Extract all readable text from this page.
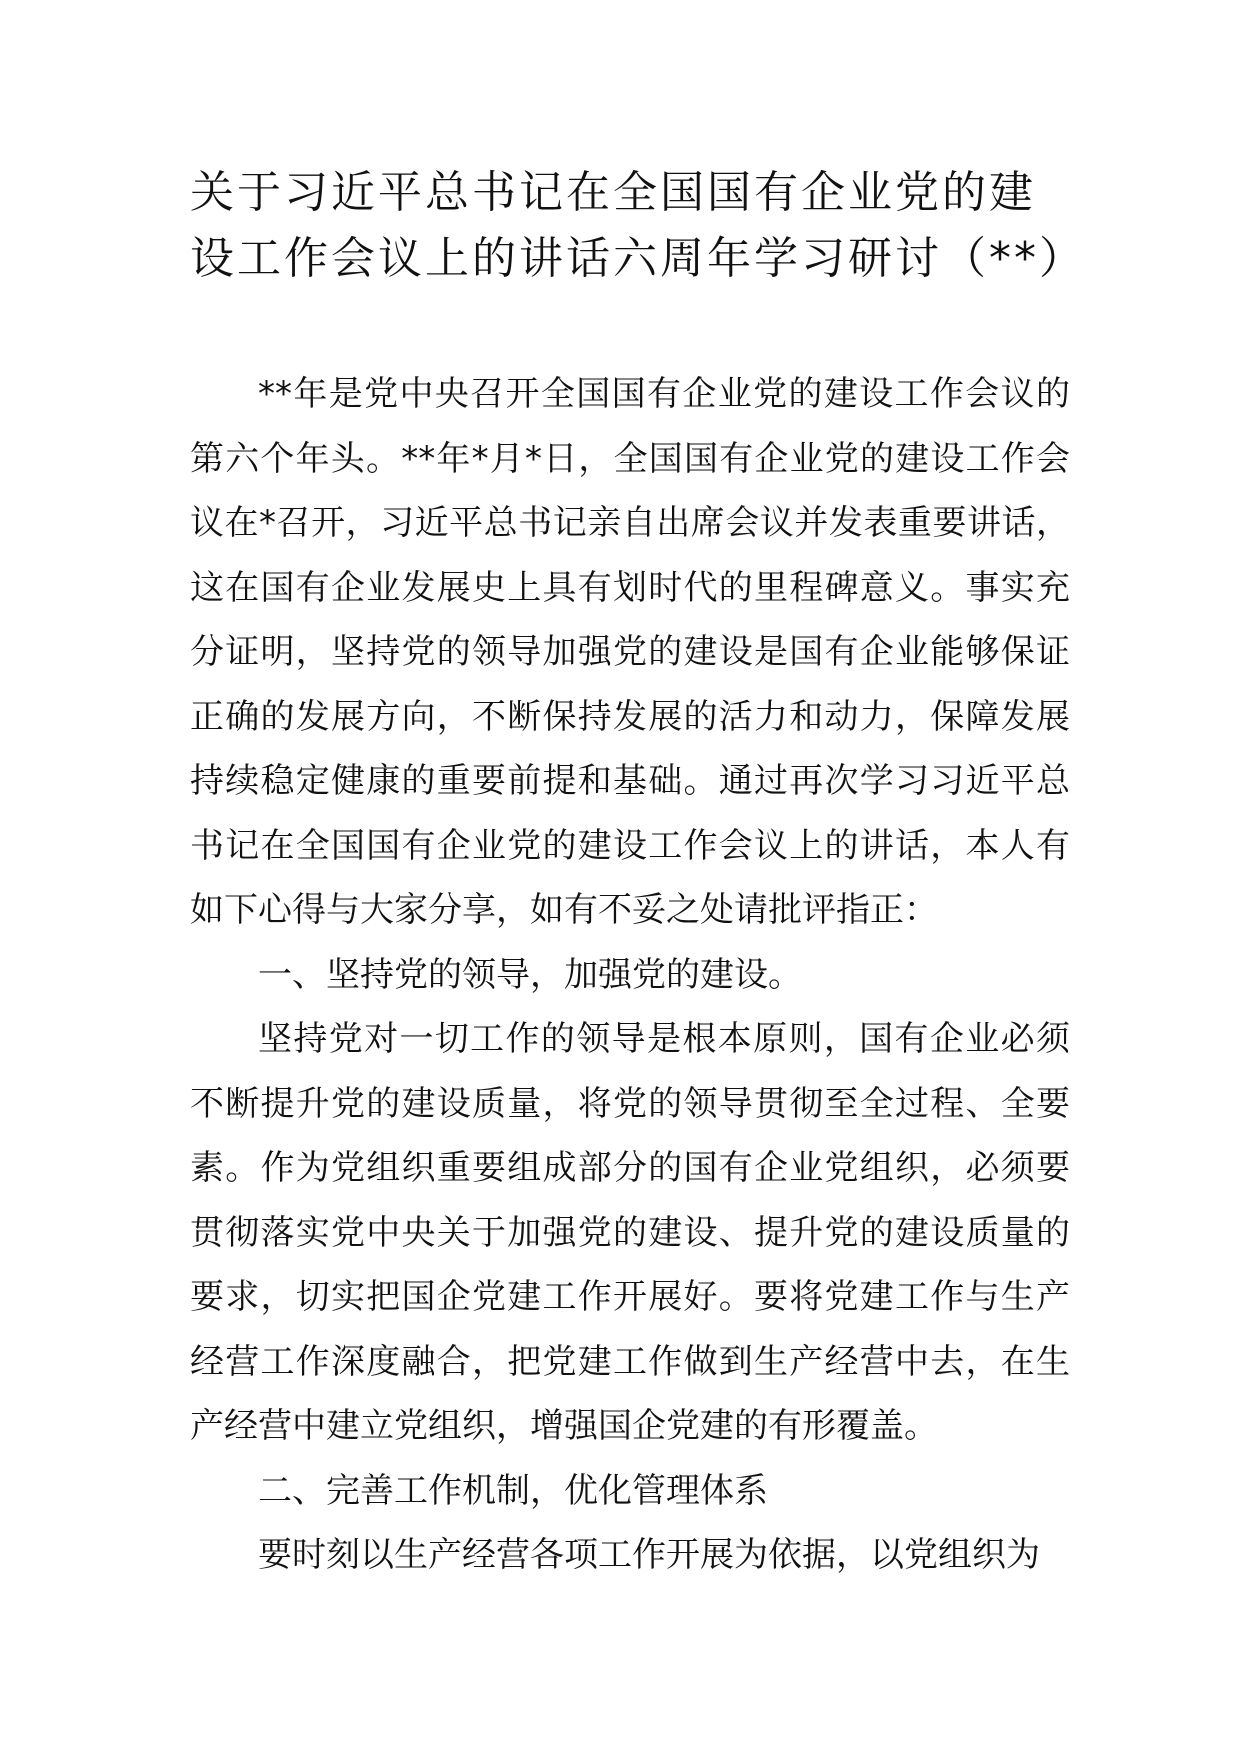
关于习近平总书记在全国国有企业党的建设工作会议上的讲话六周年学习研讨（**）

**年是党中央召开全国国有企业党的建设工作会议的第六个年头。**年*月*日，全国国有企业党的建设工作会议在*召开，习近平总书记亲自出席会议并发表重要讲话，这在国有企业发展史上具有划时代的里程碑意义。事实充分证明，坚持党的领导加强党的建设是国有企业能够保证正确的发展方向，不断保持发展的活力和动力，保障发展持续稳定健康的重要前提和基础。通过再次学习习近平总书记在全国国有企业党的建设工作会议上的讲话，本人有如下心得与大家分享，如有不妥之处请批评指正：

一、坚持党的领导，加强党的建设。

坚持党对一切工作的领导是根本原则，国有企业必须不断提升党的建设质量，将党的领导贯彻至全过程、全要素。作为党组织重要组成部分的国有企业党组织，必须要贯彻落实党中央关于加强党的建设、提升党的建设质量的要求，切实把国企党建工作开展好。要将党建工作与生产经营工作深度融合，把党建工作做到生产经营中去，在生产经营中建立党组织，增强国企党建的有形覆盖。

二、完善工作机制，优化管理体系

要时刻以生产经营各项工作开展为依据，以党组织为
